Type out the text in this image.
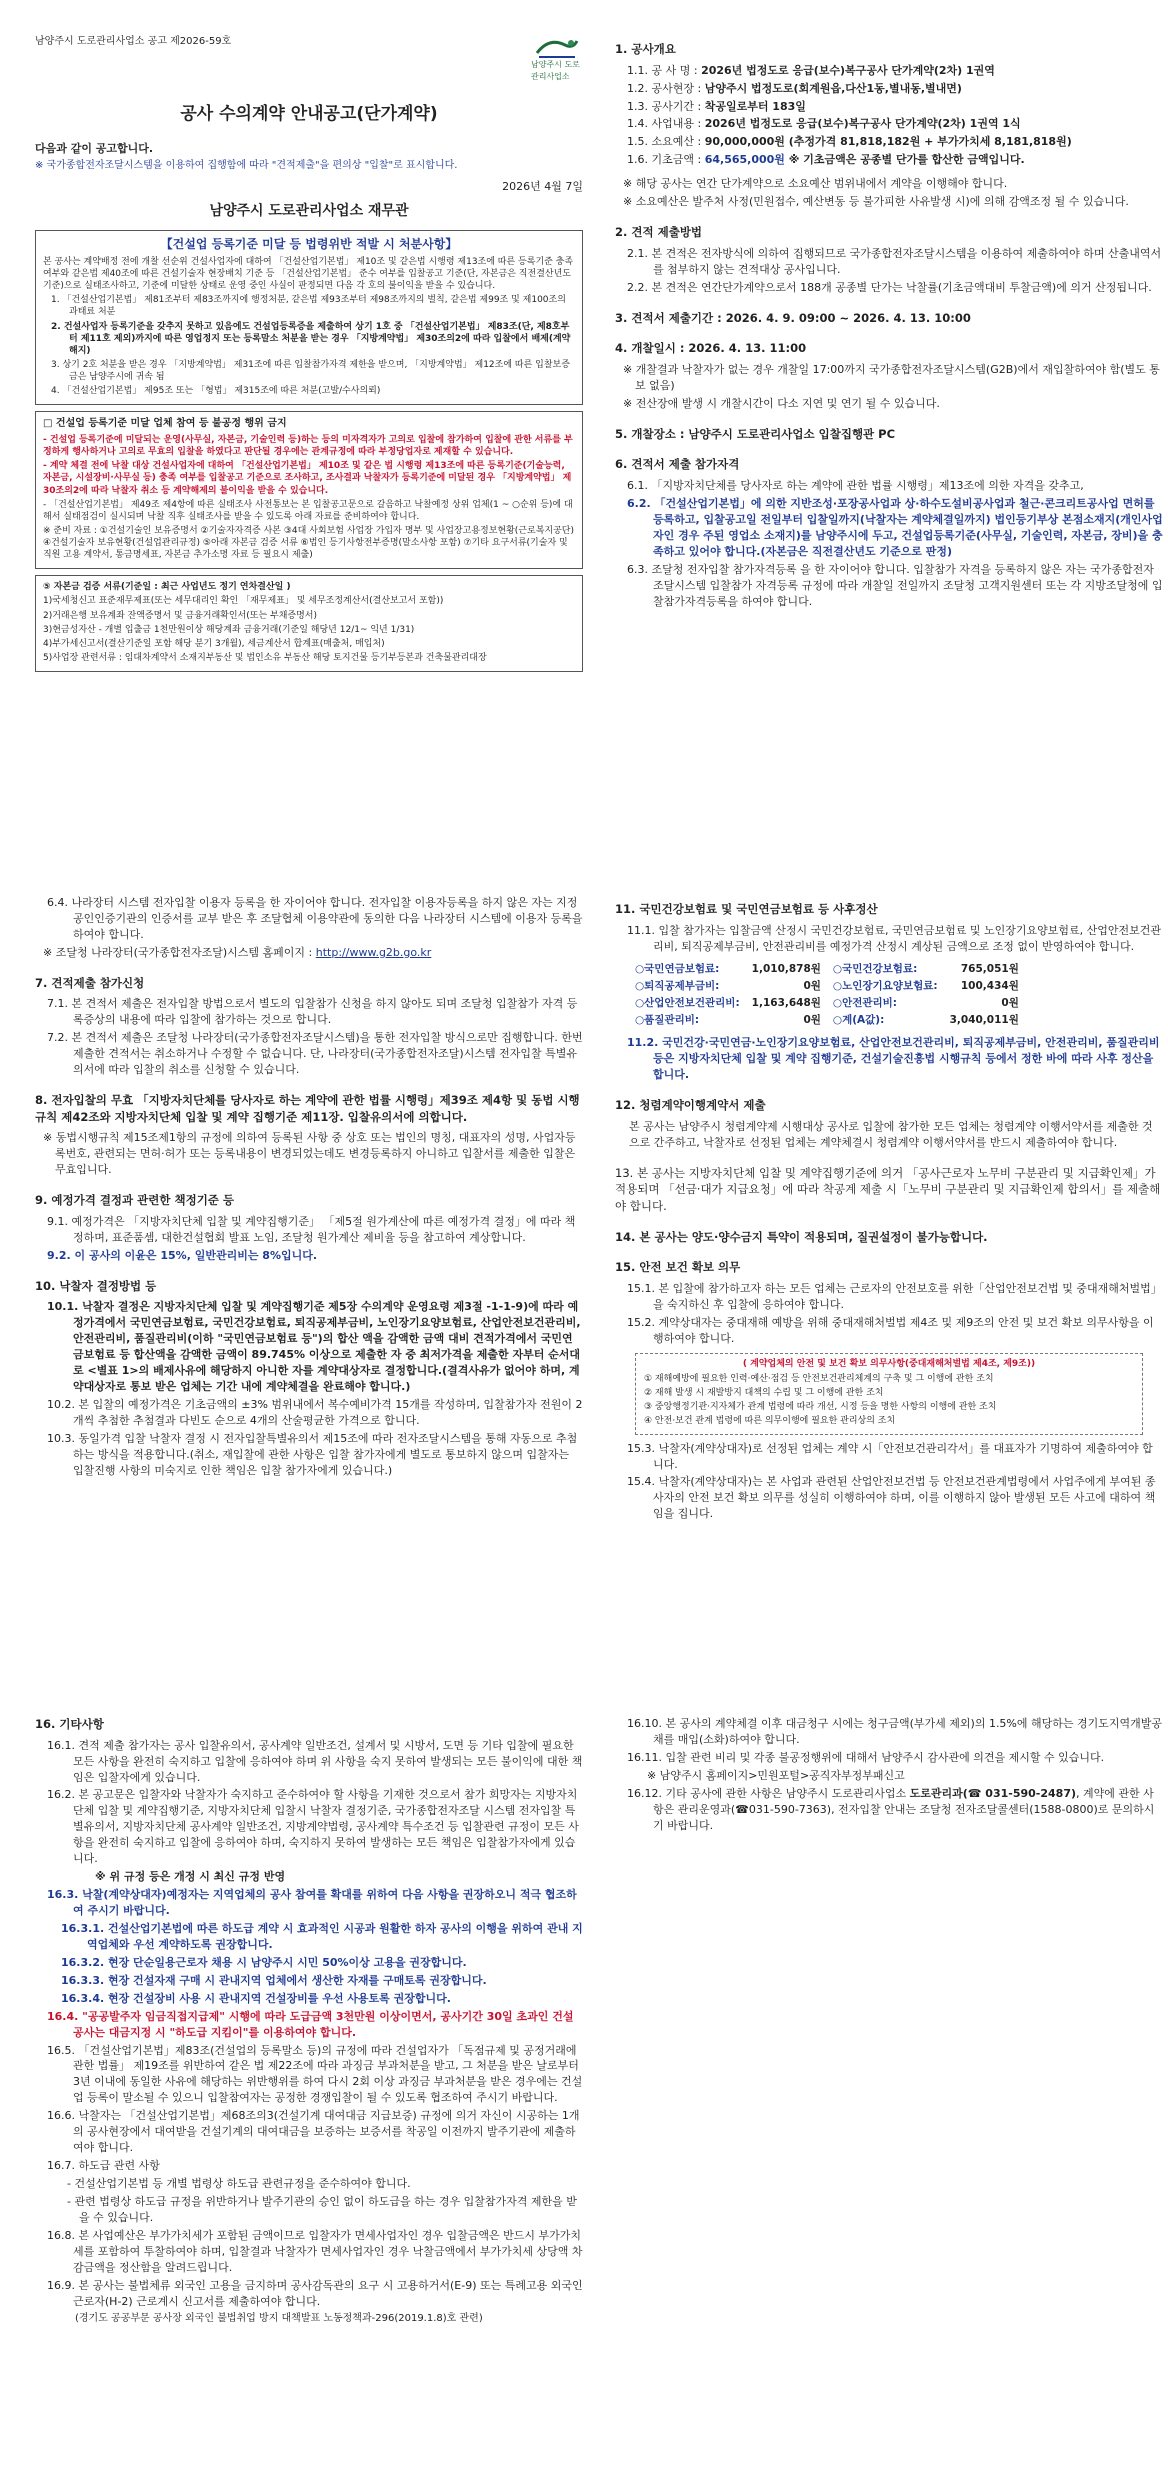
남양주시 도로관리사업소 공고 제2026-59호
남양주시 도로관리사업소
공사 수의계약 안내공고(단가계약)

다음과 같이 공고합니다.

※ 국가종합전자조달시스템을 이용하여 집행함에 따라 "견적제출"을 편의상 "입찰"로 표시합니다.

2026년 4월 7일

남양주시 도로관리사업소 재무관
【건설업 등록기준 미달 등 법령위반 적발 시 처분사항】

본 공사는 계약배정 전에 개찰 선순위 건설사업자에 대하여 「건설산업기본법」 제10조 및 같은법 시행령 제13조에 따른 등록기준 충족 여부와 같은법 제40조에 따른 건설기술자 현장배치 기준 등 「건설산업기본법」 준수 여부를 입찰공고 기준(단, 자본금은 직전결산년도 기준)으로 실태조사하고, 기준에 미달한 상태로 운영 중인 사실이 판정되면 다음 각 호의 불이익을 받을 수 있습니다.

1. 「건설산업기본법」 제81조부터 제83조까지에 행정처분, 같은법 제93조부터 제98조까지의 벌칙, 같은법 제99조 및 제100조의 과태료 처분

2. 건설사업자 등록기준을 갖추지 못하고 있음에도 건설업등록증을 제출하여 상기 1호 중 「건설산업기본법」 제83조(단, 제8호부터 제11호 제외)까지에 따른 영업정지 또는 등록말소 처분을 받는 경우 「지방계약법」 제30조의2에 따라 입찰에서 배제(계약 해지)

3. 상기 2호 처분을 받은 경우 「지방계약법」 제31조에 따른 입찰참가자격 제한을 받으며, 「지방계약법」 제12조에 따른 입찰보증금은 남양주시에 귀속 됨

4. 「건설산업기본법」 제95조 또는 「형법」 제315조에 따른 처분(고발/수사의뢰)

□ 건설업 등록기준 미달 업체 참여 등 불공정 행위 금지

- 건설업 등록기준에 미달되는 운영(사무실, 자본금, 기술인력 등)하는 등의 미자격자가 고의로 입찰에 참가하여 입찰에 관한 서류를 부정하게 행사하거나 고의로 무효의 입찰을 하였다고 판단될 경우에는 관계규정에 따라 부정당업자로 제재할 수 있습니다.

- 계약 체결 전에 낙찰 대상 건설사업자에 대하여 「건설산업기본법」 제10조 및 같은 법 시행령 제13조에 따른 등록기준(기술능력, 자본금, 시설장비·사무실 등) 충족 여부를 입찰공고 기준으로 조사하고, 조사결과 낙찰자가 등록기준에 미달된 경우 「지방계약법」 제30조의2에 따라 낙찰자 취소 등 계약해제의 불이익을 받을 수 있습니다.

- 「건설산업기본법」 제49조 제4항에 따른 실태조사 사전통보는 본 입찰공고문으로 갈음하고 낙찰예정 상위 업체(1 ~ ○순위 등)에 대해서 실태점검이 실시되며 낙찰 직후 실태조사를 받을 수 있도록 아래 자료를 준비하여야 합니다.

※ 준비 자료 : ①건설기술인 보유증명서 ②기술자자격증 사본 ③4대 사회보험 사업장 가입자 명부 및 사업장고용정보현황(근로복지공단) ④건설기술자 보유현황(건설업관리규정) ⑤아래 자본금 검증 서류 ⑥법인 등기사항전부증명(말소사항 포함) ⑦기타 요구서류(기술자 및 직원 고용 계약서, 통금명세표, 자본금 추가소명 자료 등 필요시 제출)

⑤ 자본금 검증 서류(기준일 : 최근 사업년도 정기 연차결산일 )

1)국세청신고 표준재무제표(또는 세무대리인 확인 「재무제표」 및 세무조정계산서(결산보고서 포함))

2)거래은행 보유계좌 잔액증명서 및 금융거래확인서(또는 부채증명서)

3)현금성자산 - 개별 입출금 1천만원이상 해당계좌 금융거래(기준일 해당년 12/1~ 익년 1/31)

4)부가세신고서(결산기준일 포함 해당 분기 3개월), 세금계산서 합계표(매출처, 매입처)

5)사업장 관련서류 : 임대차계약서 소재지부동산 및 법인소유 부동산 해당 토지건물 등기부등본과 건축물관리대장

1. 공사개요

1.1. 공 사 명 : 2026년 법정도로 응급(보수)복구공사 단가계약(2차) 1권역

1.2. 공사현장 : 남양주시 법정도로(회계원읍,다산1동,별내동,별내면)

1.3. 공사기간 : 착공일로부터 183일

1.4. 사업내용 : 2026년 법정도로 응급(보수)복구공사 단가계약(2차) 1권역 1식

1.5. 소요예산 : 90,000,000원 (추정가격 81,818,182원 + 부가가치세 8,181,818원)

1.6. 기초금액 : 64,565,000원 ※ 기초금액은 공종별 단가를 합산한 금액입니다.

※ 해당 공사는 연간 단가계약으로 소요예산 범위내에서 계약을 이행해야 합니다.

※ 소요예산은 발주처 사정(민원접수, 예산변동 등 불가피한 사유발생 시)에 의해 감액조정 될 수 있습니다.

2. 견적 제출방법

2.1. 본 견적은 전자방식에 의하여 집행되므로 국가종합전자조달시스템을 이용하여 제출하여야 하며 산출내역서를 첨부하지 않는 견적대상 공사입니다.

2.2. 본 견적은 연간단가계약으로서 188개 공종별 단가는 낙찰률(기초금액대비 투찰금액)에 의거 산정됩니다.

3. 견적서 제출기간 : 2026. 4. 9. 09:00 ~ 2026. 4. 13. 10:00
4. 개찰일시 : 2026. 4. 13. 11:00

※ 개찰결과 낙찰자가 없는 경우 개찰일 17:00까지 국가종합전자조달시스템(G2B)에서 재입찰하여야 함(별도 통보 없음)

※ 전산장애 발생 시 개찰시간이 다소 지연 및 연기 될 수 있습니다.

5. 개찰장소 : 남양주시 도로관리사업소 입찰집행관 PC
6. 견적서 제출 참가자격

6.1. 「지방자치단체를 당사자로 하는 계약에 관한 법률 시행령」제13조에 의한 자격을 갖추고,

6.2. 「건설산업기본법」에 의한 지반조성·포장공사업과 상·하수도설비공사업과 철근·콘크리트공사업 면허를 등록하고, 입찰공고일 전일부터 입찰일까지(낙찰자는 계약체결일까지) 법인등기부상 본점소재지(개인사업자인 경우 주된 영업소 소재지)를 남양주시에 두고, 건설업등록기준(사무실, 기술인력, 자본금, 장비)을 충족하고 있어야 합니다.(자본금은 직전결산년도 기준으로 판정)

6.3. 조달청 전자입찰 참가자격등록 을 한 자이어야 합니다. 입찰참가 자격을 등록하지 않은 자는 국가종합전자조달시스템 입찰참가 자격등록 규정에 따라 개찰일 전일까지 조달청 고객지원센터 또는 각 지방조달청에 입찰참가자격등록을 하여야 합니다.

6.4. 나라장터 시스템 전자입찰 이용자 등록을 한 자이어야 합니다. 전자입찰 이용자등록을 하지 않은 자는 지정 공인인증기관의 인증서를 교부 받은 후 조달협체 이용약관에 동의한 다음 나라장터 시스템에 이용자 등록을 하여야 합니다.

※ 조달청 나라장터(국가종합전자조달)시스템 홈페이지 : http://www.g2b.go.kr

7. 견적제출 참가신청

7.1. 본 견적서 제출은 전자입찰 방법으로서 별도의 입찰참가 신청을 하지 않아도 되며 조달청 입찰참가 자격 등록증상의 내용에 따라 입찰에 참가하는 것으로 합니다.

7.2. 본 견적서 제출은 조달청 나라장터(국가종합전자조달시스템)을 통한 전자입찰 방식으로만 집행합니다. 한번 제출한 견적서는 취소하거나 수정할 수 없습니다. 단, 나라장터(국가종합전자조달)시스템 전자입찰 특별유의서에 따라 입찰의 취소를 신청할 수 있습니다.

8. 전자입찰의 무효 「지방자치단체를 당사자로 하는 계약에 관한 법률 시행령」제39조 제4항 및 동법 시행규칙 제42조와 지방자치단체 입찰 및 계약 집행기준 제11장. 입찰유의서에 의합니다.

※ 동법시행규칙 제15조제1항의 규정에 의하여 등록된 사항 중 상호 또는 법인의 명칭, 대표자의 성명, 사업자등록번호, 관련되는 면허·허가 또는 등록내용이 변경되었는데도 변경등록하지 아니하고 입찰서를 제출한 입찰은 무효입니다.

9. 예정가격 결정과 관련한 책정기준 등

9.1. 예정가격은 「지방자치단체 입찰 및 계약집행기준」 「제5절 원가계산에 따른 예정가격 결정」에 따라 책정하며, 표준품셈, 대한건설협회 발표 노임, 조달청 원가계산 제비율 등을 참고하여 계상합니다.

9.2. 이 공사의 이윤은 15%, 일반관리비는 8%입니다.

10. 낙찰자 결정방법 등

10.1. 낙찰자 결정은 지방자치단체 입찰 및 계약집행기준 제5장 수의계약 운영요령 제3절 -1-1-9)에 따라 예정가격에서 국민연금보험료, 국민건강보험료, 퇴직공제부금비, 노인장기요양보험료, 산업안전보건관리비, 안전관리비, 품질관리비(이하 "국민연금보험료 등")의 합산 액을 감액한 금액 대비 견적가격에서 국민연금보험료 등 합산액을 감액한 금액이 89.745% 이상으로 제출한 자 중 최저가격을 제출한 자부터 순서대로 <별표 1>의 배제사유에 해당하지 아니한 자를 계약대상자로 결정합니다.(결격사유가 없어야 하며, 계약대상자로 통보 받은 업체는 기간 내에 계약체결을 완료해야 합니다.)

10.2. 본 입찰의 예정가격은 기초금액의 ±3% 범위내에서 복수예비가격 15개를 작성하며, 입찰참가자 전원이 2개씩 추첨한 추첨결과 다빈도 순으로 4개의 산술평균한 가격으로 합니다.

10.3. 동일가격 입찰 낙찰자 결정 시 전자입찰특별유의서 제15조에 따라 전자조달시스템을 통해 자동으로 추첨하는 방식을 적용합니다.(취소, 재입찰에 관한 사항은 입찰 참가자에게 별도로 통보하지 않으며 입찰자는 입찰진행 사항의 미숙지로 인한 책임은 입찰 참가자에게 있습니다.)

11. 국민건강보험료 및 국민연금보험료 등 사후정산

11.1. 입찰 참가자는 입찰금액 산정시 국민건강보험료, 국민연금보험료 및 노인장기요양보험료, 산업안전보건관리비, 퇴직공제부금비, 안전관리비를 예정가격 산정시 계상된 금액으로 조정 없이 반영하여야 합니다.

○국민연금보험료:	1,010,878원	○국민건강보험료:	765,051원
○퇴직공제부금비:	0원	○노인장기요양보험료:	100,434원
○산업안전보건관리비:	1,163,648원	○안전관리비:	0원
○품질관리비:	0원	○계(A값):	3,040,011원

11.2. 국민건강·국민연금·노인장기요양보험료, 산업안전보건관리비, 퇴직공제부금비, 안전관리비, 품질관리비 등은 지방자치단체 입찰 및 계약 집행기준, 건설기술진흥법 시행규칙 등에서 정한 바에 따라 사후 정산을 합니다.

12. 청렴계약이행계약서 제출

본 공사는 남양주시 청렴계약제 시행대상 공사로 입찰에 참가한 모든 업체는 청렴계약 이행서약서를 제출한 것으로 간주하고, 낙찰자로 선정된 업체는 계약체결시 청렴계약 이행서약서를 반드시 제출하여야 합니다.

13. 본 공사는 지방자치단체 입찰 및 계약집행기준에 의거 「공사근로자 노무비 구분관리 및 지급확인제」가 적용되며 「선금·대가 지급요청」에 따라 착공계 제출 시「노무비 구분관리 및 지급확인제 합의서」를 제출해야 합니다.
14. 본 공사는 양도·양수금지 특약이 적용되며, 질권설정이 불가능합니다.
15. 안전 보건 확보 의무

15.1. 본 입찰에 참가하고자 하는 모든 업체는 근로자의 안전보호를 위한「산업안전보건법 및 중대재해처벌법」을 숙지하신 후 입찰에 응하여야 합니다.

15.2. 계약상대자는 중대재해 예방을 위해 중대재해처벌법 제4조 및 제9조의 안전 및 보건 확보 의무사항을 이행하여야 합니다.

( 계약업체의 안전 및 보건 확보 의무사항(중대재해처벌법 제4조, 제9조))

① 재해예방에 필요한 인력·예산·점검 등 안전보건관리체계의 구축 및 그 이행에 관한 조치

② 재해 발생 시 재발방지 대책의 수립 및 그 이행에 관한 조치

③ 중앙행정기관·지자체가 관계 법령에 따라 개선, 시정 등을 명한 사항의 이행에 관한 조치

④ 안전·보건 관계 법령에 따른 의무이행에 필요한 관리상의 조치

15.3. 낙찰자(계약상대자)로 선정된 업체는 계약 시「안전보건관리각서」를 대표자가 기명하여 제출하여야 합니다.

15.4. 낙찰자(계약상대자)는 본 사업과 관련된 산업안전보건법 등 안전보건관계법령에서 사업주에게 부여된 종사자의 안전 보건 확보 의무를 성실히 이행하여야 하며, 이를 이행하지 않아 발생된 모든 사고에 대하여 책임을 집니다.

16. 기타사항

16.1. 견적 제출 참가자는 공사 입찰유의서, 공사계약 일반조건, 설계서 및 시방서, 도면 등 기타 입찰에 필요한 모든 사항을 완전히 숙지하고 입찰에 응하여야 하며 위 사항을 숙지 못하여 발생되는 모든 불이익에 대한 책임은 입찰자에게 있습니다.

16.2. 본 공고문은 입찰자와 낙찰자가 숙지하고 준수하여야 할 사항을 기재한 것으로서 참가 희망자는 지방자치단체 입찰 및 계약집행기준, 지방자치단체 입찰시 낙찰자 결정기준, 국가종합전자조달 시스템 전자입찰 특별유의서, 지방자치단체 공사계약 일반조건, 지방계약법령, 공사계약 특수조건 등 입찰관련 규정이 모든 사항을 완전히 숙지하고 입찰에 응하여야 하며, 숙지하지 못하여 발생하는 모든 책임은 입찰참가자에게 있습니다.

※ 위 규정 등은 개정 시 최신 규정 반영

16.3. 낙찰(계약상대자)예정자는 지역업체의 공사 참여를 확대를 위하여 다음 사항을 권장하오니 적극 협조하여 주시기 바랍니다.

16.3.1. 건설산업기본법에 따른 하도급 계약 시 효과적인 시공과 원활한 하자 공사의 이행을 위하여 관내 지역업체와 우선 계약하도록 권장합니다.

16.3.2. 현장 단순일용근로자 채용 시 남양주시 시민 50%이상 고용을 권장합니다.

16.3.3. 현장 건설자재 구매 시 관내지역 업체에서 생산한 자재를 구매토록 권장합니다.

16.3.4. 현장 건설장비 사용 시 관내지역 건설장비를 우선 사용토록 권장합니다.

16.4. "공공발주자 임금직접지급제" 시행에 따라 도급금액 3천만원 이상이면서, 공사기간 30일 초과인 건설공사는 대금지정 시 "하도급 지킴이"를 이용하여야 합니다.

16.5. 「건설산업기본법」제83조(건설업의 등록말소 등)의 규정에 따라 건설업자가 「독점규제 및 공정거래에 관한 법률」 제19조를 위반하여 같은 법 제22조에 따라 과징금 부과처분을 받고, 그 처분을 받은 날로부터 3년 이내에 동일한 사유에 해당하는 위반행위를 하여 다시 2회 이상 과징금 부과처분을 받은 경우에는 건설업 등록이 말소될 수 있으니 입찰참여자는 공정한 경쟁입찰이 될 수 있도록 협조하여 주시기 바랍니다.

16.6. 낙찰자는 「건설산업기본법」제68조의3(건설기계 대여대금 지급보증) 규정에 의거 자신이 시공하는 1개의 공사현장에서 대여받을 건설기계의 대여대금을 보증하는 보증서를 착공일 이전까지 발주기관에 제출하여야 합니다.

16.7. 하도급 관련 사항

- 건설산업기본법 등 개별 법령상 하도급 관련규정을 준수하여야 합니다.

- 관련 법령상 하도급 규정을 위반하거나 발주기관의 승인 없이 하도급을 하는 경우 입찰참가자격 제한을 받을 수 있습니다.

16.8. 본 사업예산은 부가가치세가 포함된 금액이므로 입찰자가 면세사업자인 경우 입찰금액은 반드시 부가가치세를 포함하여 투찰하여야 하며, 입찰결과 낙찰자가 면세사업자인 경우 낙찰금액에서 부가가치세 상당액 차감금액을 정산함을 알려드립니다.

16.9. 본 공사는 불법체류 외국인 고용을 금지하며 공사감독관의 요구 시 고용하거서(E-9) 또는 특례고용 외국인 근로자(H-2) 근로계시 신고서를 제출하여야 합니다.

(경기도 공공부문 공사장 외국인 불법취업 방지 대책발표 노동정책과-296(2019.1.8)호 관련)

16.10. 본 공사의 계약체결 이후 대금청구 시에는 청구금액(부가세 제외)의 1.5%에 해당하는 경기도지역개발공채를 매입(소화)하여야 합니다.

16.11. 입찰 관련 비리 및 각종 불공정행위에 대해서 남양주시 감사관에 의견을 제시할 수 있습니다.

※ 남양주시 홈페이지>민원포털>공직자부정부패신고

16.12. 기타 공사에 관한 사항은 남양주시 도로관리사업소 도로관리과(☎ 031-590-2487), 계약에 관한 사항은 관리운영과(☎031-590-7363), 전자입찰 안내는 조달청 전자조달콜센터(1588-0800)로 문의하시기 바랍니다.
